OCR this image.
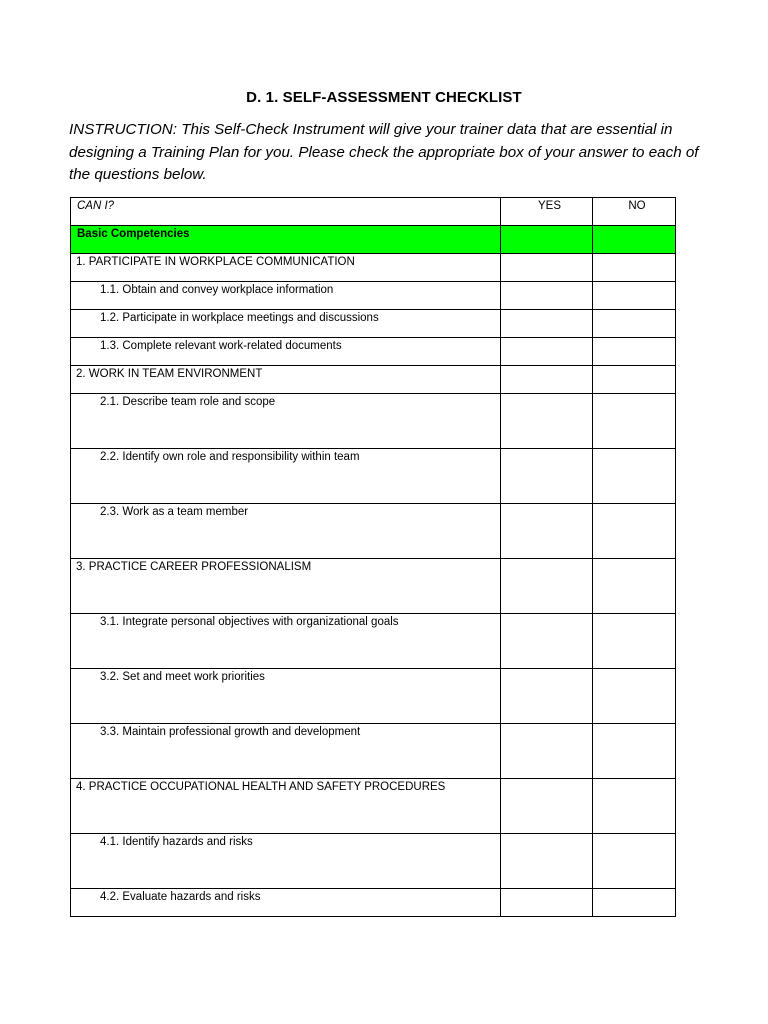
D. 1. SELF-ASSESSMENT CHECKLIST
INSTRUCTION: This Self-Check Instrument will give your trainer data that are essential in designing a Training Plan for you. Please check the appropriate box of your answer to each of the questions below.
CAN I?	YES	NO

Basic Competencies		

1. PARTICIPATE IN WORKPLACE COMMUNICATION		

1.1. Obtain and convey workplace information		

1.2. Participate in workplace meetings and discussions		

1.3. Complete relevant work-related documents		

2. WORK IN TEAM ENVIRONMENT		

2.1. Describe team role and scope		

2.2. Identify own role and responsibility within team		

2.3. Work as a team member		

3. PRACTICE CAREER PROFESSIONALISM		

3.1. Integrate personal objectives with organizational goals		

3.2. Set and meet work priorities		

3.3. Maintain professional growth and development		

4. PRACTICE OCCUPATIONAL HEALTH AND SAFETY PROCEDURES		

4.1. Identify hazards and risks		

4.2. Evaluate hazards and risks		
